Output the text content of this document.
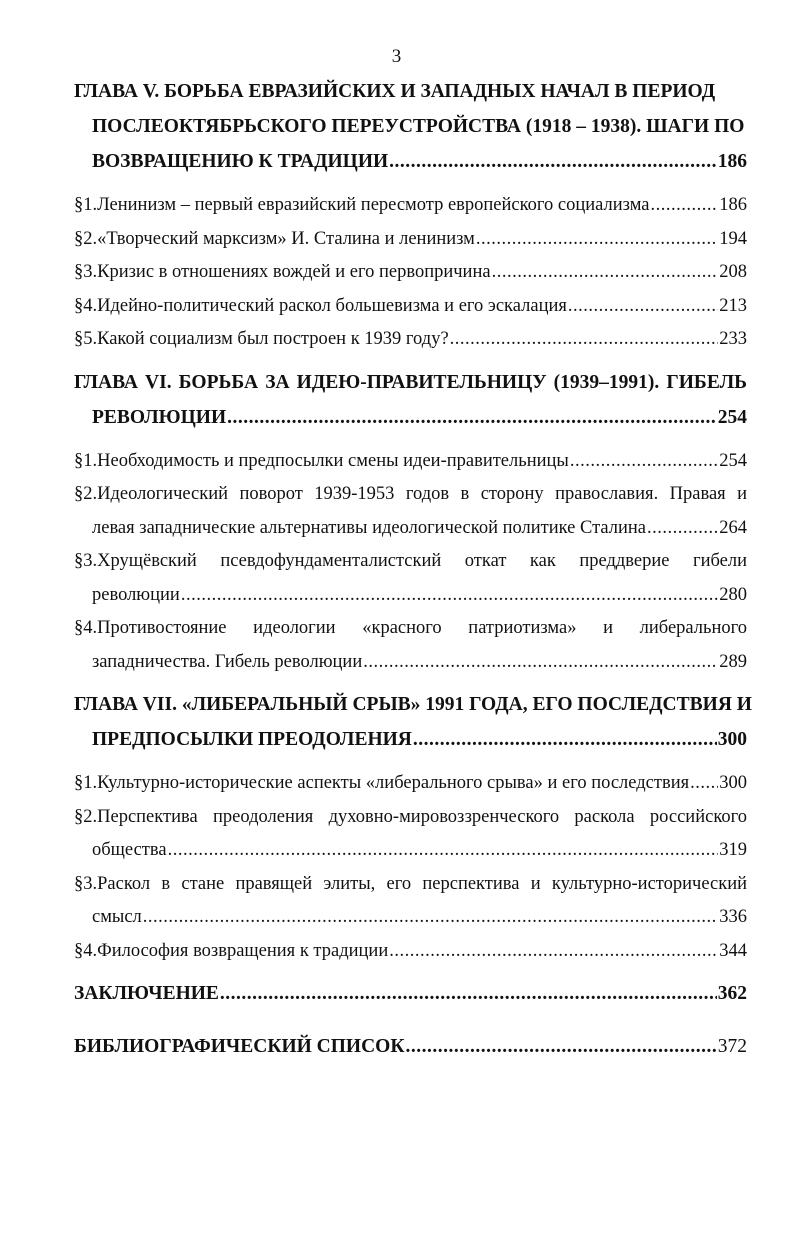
3
ГЛАВА V. БОРЬБА ЕВРАЗИЙСКИХ И ЗАПАДНЫХ НАЧАЛ В ПЕРИОД
ПОСЛЕОКТЯБРЬСКОГО ПЕРЕУСТРОЙСТВА (1918 – 1938). ШАГИ ПО
ВОЗВРАЩЕНИЮ К ТРАДИЦИИ .....	186
§1.Ленинизм – первый евразийский пересмотр европейского социализма .....	186
§2.«Творческий марксизм» И. Сталина и ленинизм .....	194
§3.Кризис в отношениях вождей и его первопричина .....	208
§4.Идейно-политический раскол большевизма и его эскалация .....	213
§5.Какой социализм был построен к 1939 году? .....	233
ГЛАВА VI. БОРЬБА ЗА ИДЕЮ-ПРАВИТЕЛЬНИЦУ (1939–1991). ГИБЕЛЬ
РЕВОЛЮЦИИ .....	254
§1.Необходимость и предпосылки смены идеи-правительницы .....	254
§2.Идеологический поворот 1939-1953 годов в сторону православия. Правая и
левая западнические альтернативы идеологической политике Сталина .....	264
§3.Хрущёвский псевдофундаменталистский откат как преддверие гибели
революции .....	280
§4.Противостояние идеологии «красного патриотизма» и либерального
западничества. Гибель революции .....	289
ГЛАВА VII. «ЛИБЕРАЛЬНЫЙ СРЫВ» 1991 ГОДА, ЕГО ПОСЛЕДСТВИЯ И
ПРЕДПОСЫЛКИ ПРЕОДОЛЕНИЯ .....	300
§1.Культурно-исторические аспекты «либерального срыва» и его последствия ..... 300
§2.Перспектива преодоления духовно-мировоззренческого раскола российского
общества .....	319
§3.Раскол в стане правящей элиты, его перспектива и культурно-исторический
смысл .....	336
§4.Философия возвращения к традиции .....	344
ЗАКЛЮЧЕНИЕ .....	362
БИБЛИОГРАФИЧЕСКИЙ СПИСОК .....	372
